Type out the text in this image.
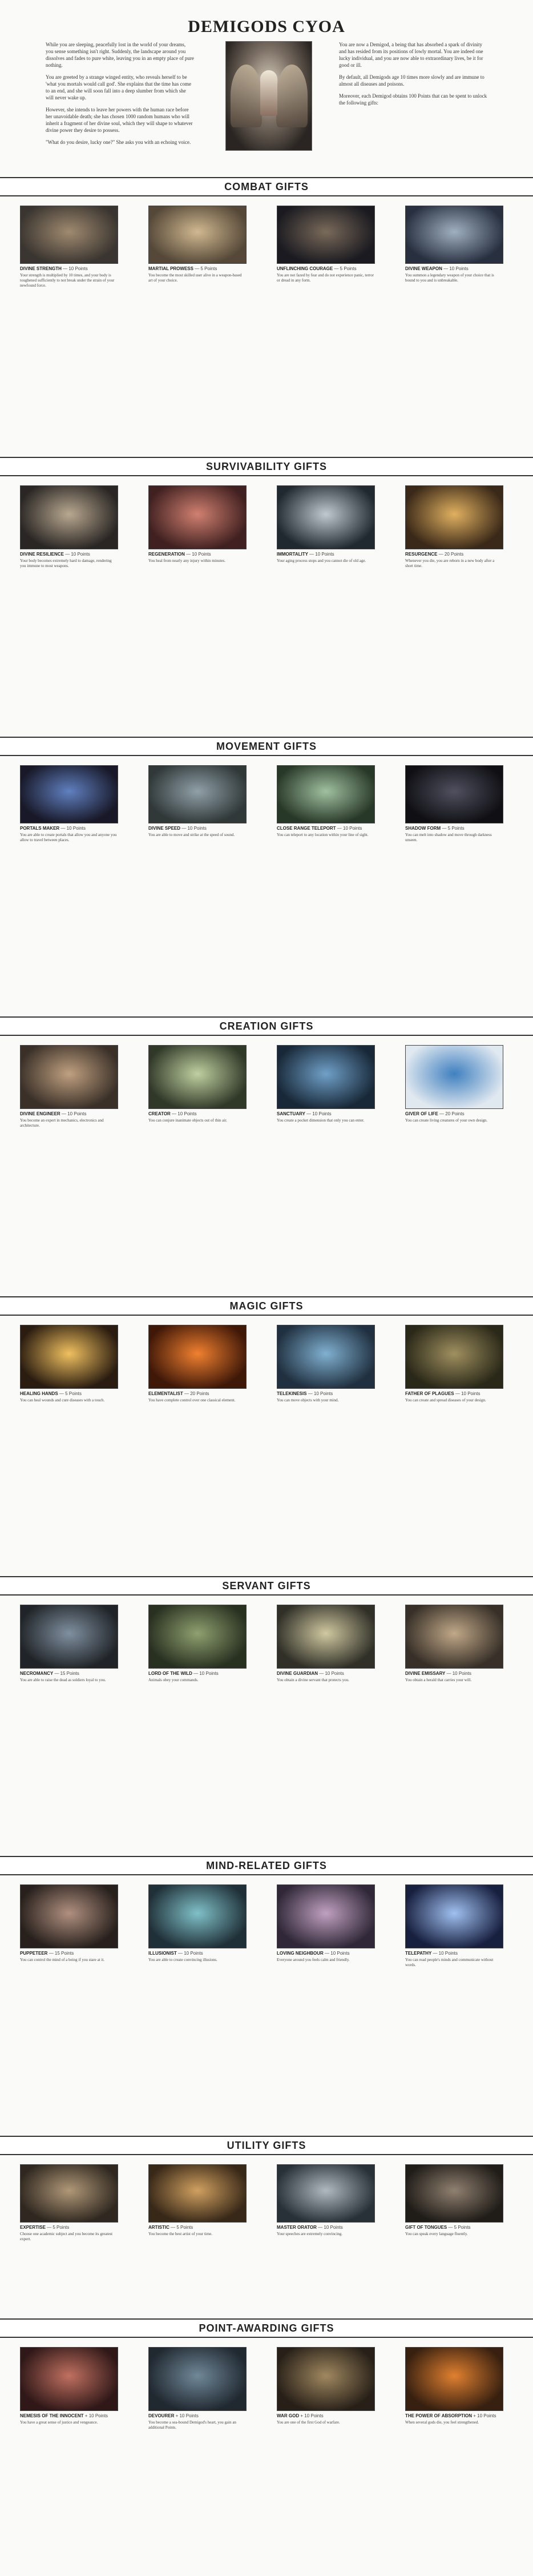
DEMIGODS CYOA

While you are sleeping, peacefully lost in the world of your dreams, you sense something isn't right. Suddenly, the landscape around you dissolves and fades to pure white, leaving you in an empty place of pure nothing.

You are greeted by a strange winged entity, who reveals herself to be 'what you mortals would call god'. She explains that the time has come to an end, and she will soon fall into a deep slumber from which she will never wake up.

However, she intends to leave her powers with the human race before her unavoidable death; she has chosen 1000 random humans who will inherit a fragment of her divine soul, which they will shape to whatever divine power they desire to possess.

"What do you desire, lucky one?" She asks you with an echoing voice.

You are now a Demigod, a being that has absorbed a spark of divinity and has resided from its positions of lowly mortal. You are indeed one lucky individual, and you are now able to extraordinary lives, be it for good or ill.

By default, all Demigods age 10 times more slowly and are immune to almost all diseases and poisons.

Moreover, each Demigod obtains 100 Points that can be spent to unlock the following gifts:

COMBAT GIFTS
DIVINE STRENGTH — 10 Points
Your strength is multiplied by 10 times, and your body is toughened sufficiently to not break under the strain of your newfound force.
MARTIAL PROWESS — 5 Points
You become the most skilled user alive in a weapon-based art of your choice.
UNFLINCHING COURAGE — 5 Points
You are not fazed by fear and do not experience panic, terror or dread in any form.
DIVINE WEAPON — 10 Points
You summon a legendary weapon of your choice that is bound to you and is unbreakable.
SURVIVABILITY GIFTS
DIVINE RESILIENCE — 10 Points
Your body becomes extremely hard to damage, rendering you immune to most weapons.
REGENERATION — 10 Points
You heal from nearly any injury within minutes.
IMMORTALITY — 10 Points
Your aging process stops and you cannot die of old age.
RESURGENCE — 20 Points
Whenever you die, you are reborn in a new body after a short time.
MOVEMENT GIFTS
PORTALS MAKER — 10 Points
You are able to create portals that allow you and anyone you allow to travel between places.
DIVINE SPEED — 10 Points
You are able to move and strike at the speed of sound.
CLOSE RANGE TELEPORT — 10 Points
You can teleport to any location within your line of sight.
SHADOW FORM — 5 Points
You can melt into shadow and move through darkness unseen.
CREATION GIFTS
DIVINE ENGINEER — 10 Points
You become an expert in mechanics, electronics and architecture.
CREATOR — 10 Points
You can conjure inanimate objects out of thin air.
SANCTUARY — 10 Points
You create a pocket dimension that only you can enter.
GIVER OF LIFE — 20 Points
You can create living creatures of your own design.
MAGIC GIFTS
HEALING HANDS — 5 Points
You can heal wounds and cure diseases with a touch.
ELEMENTALIST — 20 Points
You have complete control over one classical element.
TELEKINESIS — 10 Points
You can move objects with your mind.
FATHER OF PLAGUES — 10 Points
You can create and spread diseases of your design.
SERVANT GIFTS
NECROMANCY — 15 Points
You are able to raise the dead as soldiers loyal to you.
LORD OF THE WILD — 10 Points
Animals obey your commands.
DIVINE GUARDIAN — 10 Points
You obtain a divine servant that protects you.
DIVINE EMISSARY — 10 Points
You obtain a herald that carries your will.
MIND-RELATED GIFTS
PUPPETEER — 15 Points
You can control the mind of a being if you stare at it.
ILLUSIONIST — 10 Points
You are able to create convincing illusions.
LOVING NEIGHBOUR — 10 Points
Everyone around you feels calm and friendly.
TELEPATHY — 10 Points
You can read people's minds and communicate without words.
UTILITY GIFTS
EXPERTISE — 5 Points
Choose one academic subject and you become its greatest expert.
ARTISTIC — 5 Points
You become the best artist of your time.
MASTER ORATOR — 10 Points
Your speeches are extremely convincing.
GIFT OF TONGUES — 5 Points
You can speak every language fluently.
POINT-AWARDING GIFTS
NEMESIS OF THE INNOCENT + 10 Points
You have a great sense of justice and vengeance.
DEVOURER + 10 Points
You become a sea-bound Demigod's heart, you gain an additional Points.
WAR GOD + 10 Points
You are one of the first God of warfare.
THE POWER OF ABSORPTION + 10 Points
When several gods die, you feel strengthened.
